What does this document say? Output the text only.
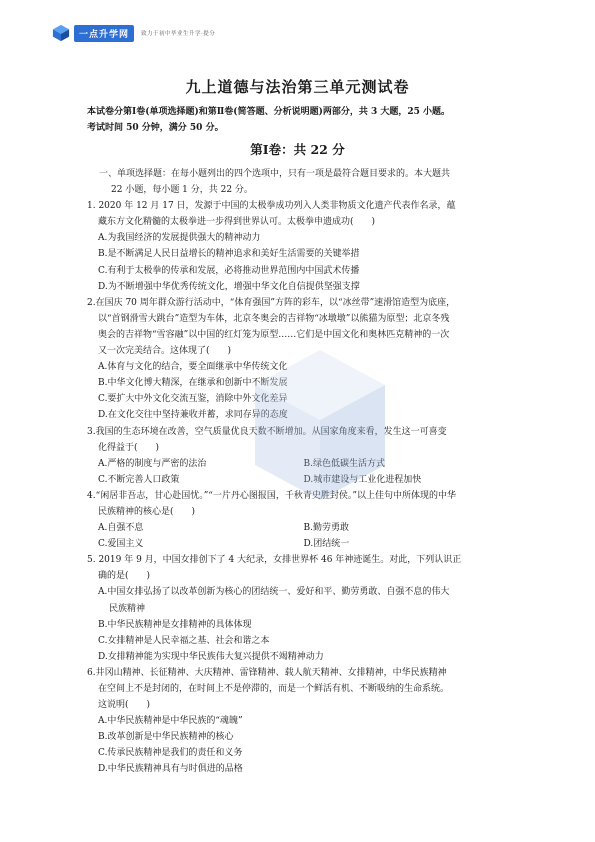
一点升学网	致力于初中毕业生升学·提分
九上道德与法治第三单元测试卷

本试卷分第Ⅰ卷(单项选择题)和第Ⅱ卷(简答题、分析说明题)两部分，共 3 大题，25 小题。

考试时间 50 分钟，满分 50 分。

第Ⅰ卷：共 22 分

一、单项选择题：在每小题列出的四个选项中，只有一项是最符合题目要求的。本大题共
22 小题，每小题 1 分，共 22 分。

1. 2020 年 12 月 17 日，发源于中国的太极拳成功列入人类非物质文化遗产代表作名录，蕴
藏东方文化精髓的太极拳进一步得到世界认可。太极拳申遗成功(　　)

A.为我国经济的发展提供强大的精神动力

B.是不断满足人民日益增长的精神追求和美好生活需要的关键举措

C.有利于太极拳的传承和发展，必将推动世界范围内中国武术传播

D.为不断增强中华优秀传统文化，增强中华文化自信提供坚强支撑

2.在国庆 70 周年群众游行活动中，“体育强国”方阵的彩车，以“冰丝带”速滑馆造型为底座，
以“首钢滑雪大跳台”造型为车体，北京冬奥会的吉祥物“冰墩墩”以熊猫为原型；北京冬残
奥会的吉祥物“雪容融”以中国的红灯笼为原型……它们是中国文化和奥林匹克精神的一次
又一次完美结合。这体现了(　　)

A.体育与文化的结合，要全面继承中华传统文化

B.中华文化博大精深，在继承和创新中不断发展

C.要扩大中外文化交流互鉴，消除中外文化差异

D.在文化交往中坚持兼收并蓄，求同存异的态度

3.我国的生态环境在改善，空气质量优良天数不断增加。从国家角度来看，发生这一可喜变
化得益于(　　)

A.严格的制度与严密的法治	B.绿色低碳生活方式
C.不断完善人口政策	D.城市建设与工业化进程加快

4.“闲居非吾志，甘心赴国忧。”“一片丹心图报国，千秋青史胜封侯。”以上佳句中所体现的中华
民族精神的核心是(　　)

A.自强不息	B.勤劳勇敢
C.爱国主义	D.团结统一

5. 2019 年 9 月，中国女排创下了 4 大纪录，女排世界杯 46 年神迹诞生。对此，下列认识正
确的是(　　)

A.中国女排弘扬了以改革创新为核心的团结统一、爱好和平、勤劳勇敢、自强不息的伟大

民族精神

B.中华民族精神是女排精神的具体体现

C.女排精神是人民幸福之基、社会和谐之本

D.女排精神能为实现中华民族伟大复兴提供不竭精神动力

6.井冈山精神、长征精神、大庆精神、雷锋精神、载人航天精神、女排精神，中华民族精神
在空间上不是封闭的，在时间上不是停滞的，而是一个鲜活有机、不断吸纳的生命系统。
这说明(　　)

A.中华民族精神是中华民族的“魂魄”

B.改革创新是中华民族精神的核心

C.传承民族精神是我们的责任和义务

D.中华民族精神具有与时俱进的品格
